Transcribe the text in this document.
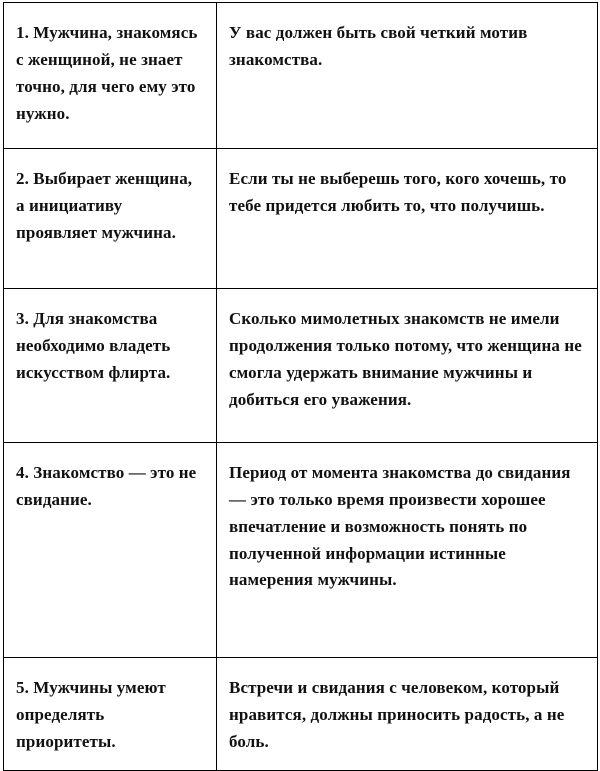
1. Мужчина, знакомясь с женщиной, не знает точно, для чего ему это нужно.	У вас должен быть свой четкий мотив знакомства.
2. Выбирает женщина, а инициативу проявляет мужчина.	Если ты не выберешь того, кого хочешь, то тебе придется любить то, что получишь.
3. Для знакомства необходимо владеть искусством флирта.	Сколько мимолетных знакомств не имели продолжения только потому, что женщина не смогла удержать внимание мужчины и добиться его уважения.
4. Знакомство — это не свидание.	Период от момента знакомства до свидания — это только время произвести хорошее впечатление и возможность понять по полученной информации истинные намерения мужчины.
5. Мужчины умеют определять приоритеты.	Встречи и свидания с человеком, который нравится, должны приносить радость, а не боль.
